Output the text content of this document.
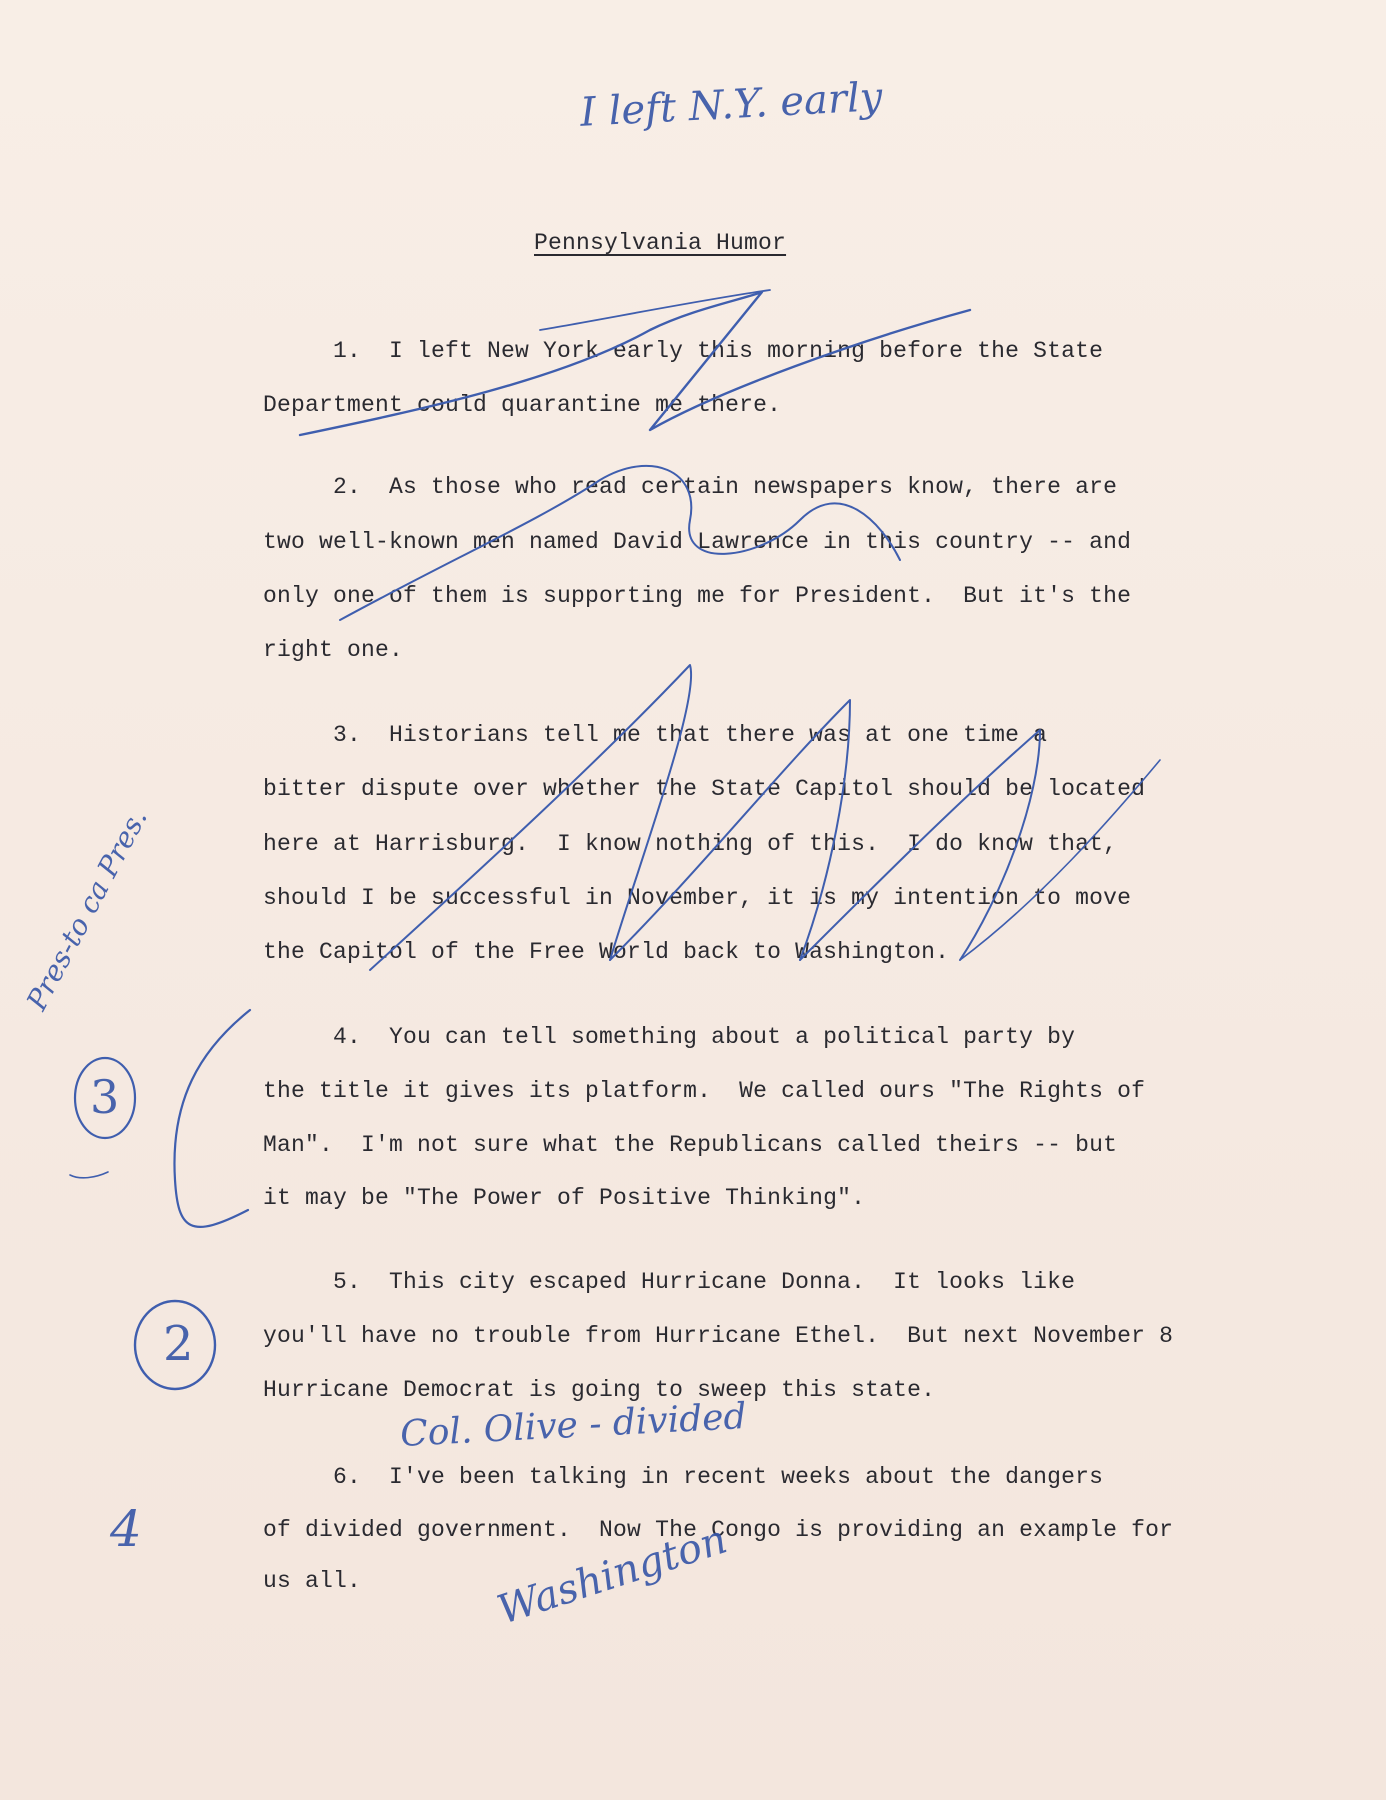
Pennsylvania Humor
1.  I left New York early this morning before the State
Department could quarantine me there.
2.  As those who read certain newspapers know, there are
two well-known men named David Lawrence in this country -- and
only one of them is supporting me for President.  But it's the
right one.
3.  Historians tell me that there was at one time a
bitter dispute over whether the State Capitol should be located
here at Harrisburg.  I know nothing of this.  I do know that,
should I be successful in November, it is my intention to move
the Capitol of the Free World back to Washington.
4.  You can tell something about a political party by
the title it gives its platform.  We called ours "The Rights of
Man".  I'm not sure what the Republicans called theirs -- but
it may be "The Power of Positive Thinking".
5.  This city escaped Hurricane Donna.  It looks like
you'll have no trouble from Hurricane Ethel.  But next November 8
Hurricane Democrat is going to sweep this state.
6.  I've been talking in recent weeks about the dangers
of divided government.  Now The Congo is providing an example for
us all.
I left N.Y. early
Pres-to ca Pres.
3
2
4
Col. Olive - divided
Washington
